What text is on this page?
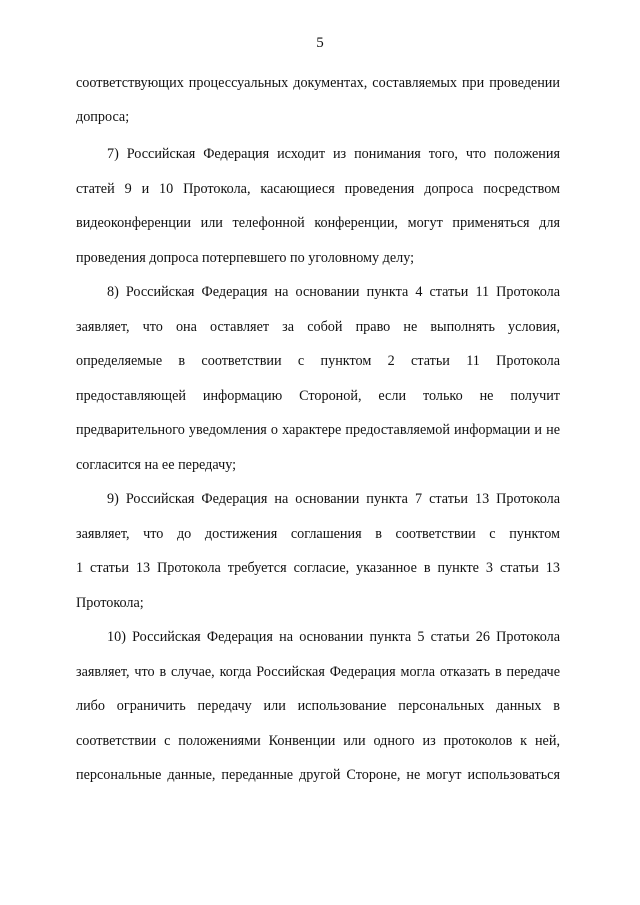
5
соответствующих процессуальных документах, составляемых при проведении
допроса;
7) Российская Федерация исходит из понимания того, что положения
статей 9 и 10 Протокола, касающиеся проведения допроса посредством
видеоконференции или телефонной конференции, могут применяться для
проведения допроса потерпевшего по уголовному делу;
8) Российская Федерация на основании пункта 4 статьи 11 Протокола
заявляет, что она оставляет за собой право не выполнять условия,
определяемые в соответствии с пунктом 2 статьи 11 Протокола
предоставляющей информацию Стороной, если только не получит
предварительного уведомления о характере предоставляемой информации и не
согласится на ее передачу;
9) Российская Федерация на основании пункта 7 статьи 13 Протокола
заявляет, что до достижения соглашения в соответствии с пунктом
1 статьи 13 Протокола требуется согласие, указанное в пункте 3 статьи 13
Протокола;
10) Российская Федерация на основании пункта 5 статьи 26 Протокола
заявляет, что в случае, когда Российская Федерация могла отказать в передаче
либо ограничить передачу или использование персональных данных в
соответствии с положениями Конвенции или одного из протоколов к ней,
персональные данные, переданные другой Стороне, не могут использоваться
